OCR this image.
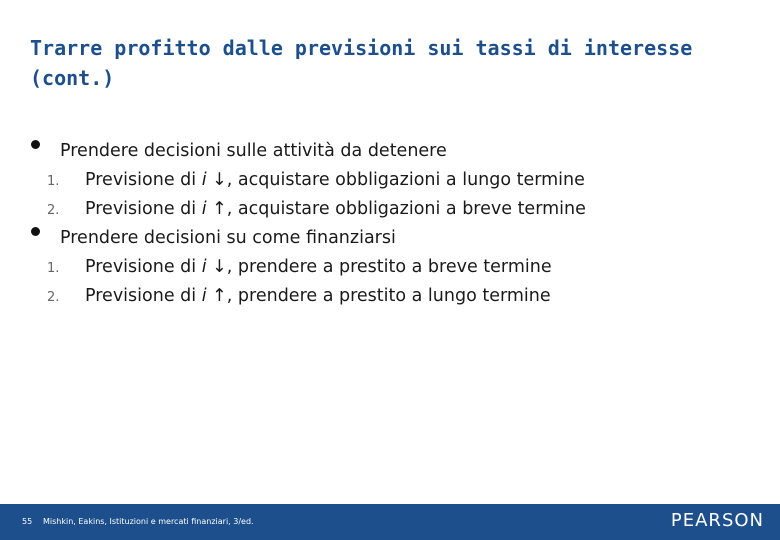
Trarre profitto dalle previsioni sui tassi di interesse
(cont.)
Prendere decisioni sulle attività da detenere
1. Previsione di i ↓, acquistare obbligazioni a lungo termine
2. Previsione di i ↑, acquistare obbligazioni a breve termine
Prendere decisioni su come finanziarsi
1. Previsione di i ↓, prendere a prestito a breve termine
2. Previsione di i ↑, prendere a prestito a lungo termine
55 Mishkin, Eakins, Istituzioni e mercati finanziari, 3/ed.	PEARSON
